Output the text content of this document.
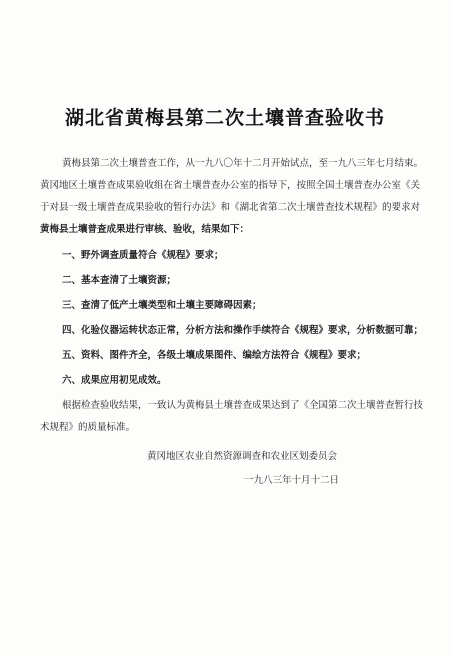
湖北省黄梅县第二次土壤普查验收书
黄梅县第二次土壤普查工作，从一九八〇年十二月开始试点，至一九八三年七月结束。
黄冈地区土壤普查成果验收组在省土壤普查办公室的指导下，按照全国土壤普查办公室《关
于对县一级土壤普查成果验收的暂行办法》和《湖北省第二次土壤普查技术规程》的要求对
黄梅县土壤普查成果进行审核、验收，结果如下：
一、野外调查质量符合《规程》要求；
二、基本查清了土壤资源；
三、查清了低产土壤类型和土壤主要障碍因素；
四、化验仪器运转状态正常，分析方法和操作手续符合《规程》要求，分析数据可靠；
五、资料、图件齐全，各级土壤成果图件、编绘方法符合《规程》要求；
六、成果应用初见成效。
根据检查验收结果，一致认为黄梅县土壤普查成果达到了《全国第二次土壤普查暂行技
术规程》的质量标准。
黄冈地区农业自然资源调查和农业区划委员会
一九八三年十月十二日
